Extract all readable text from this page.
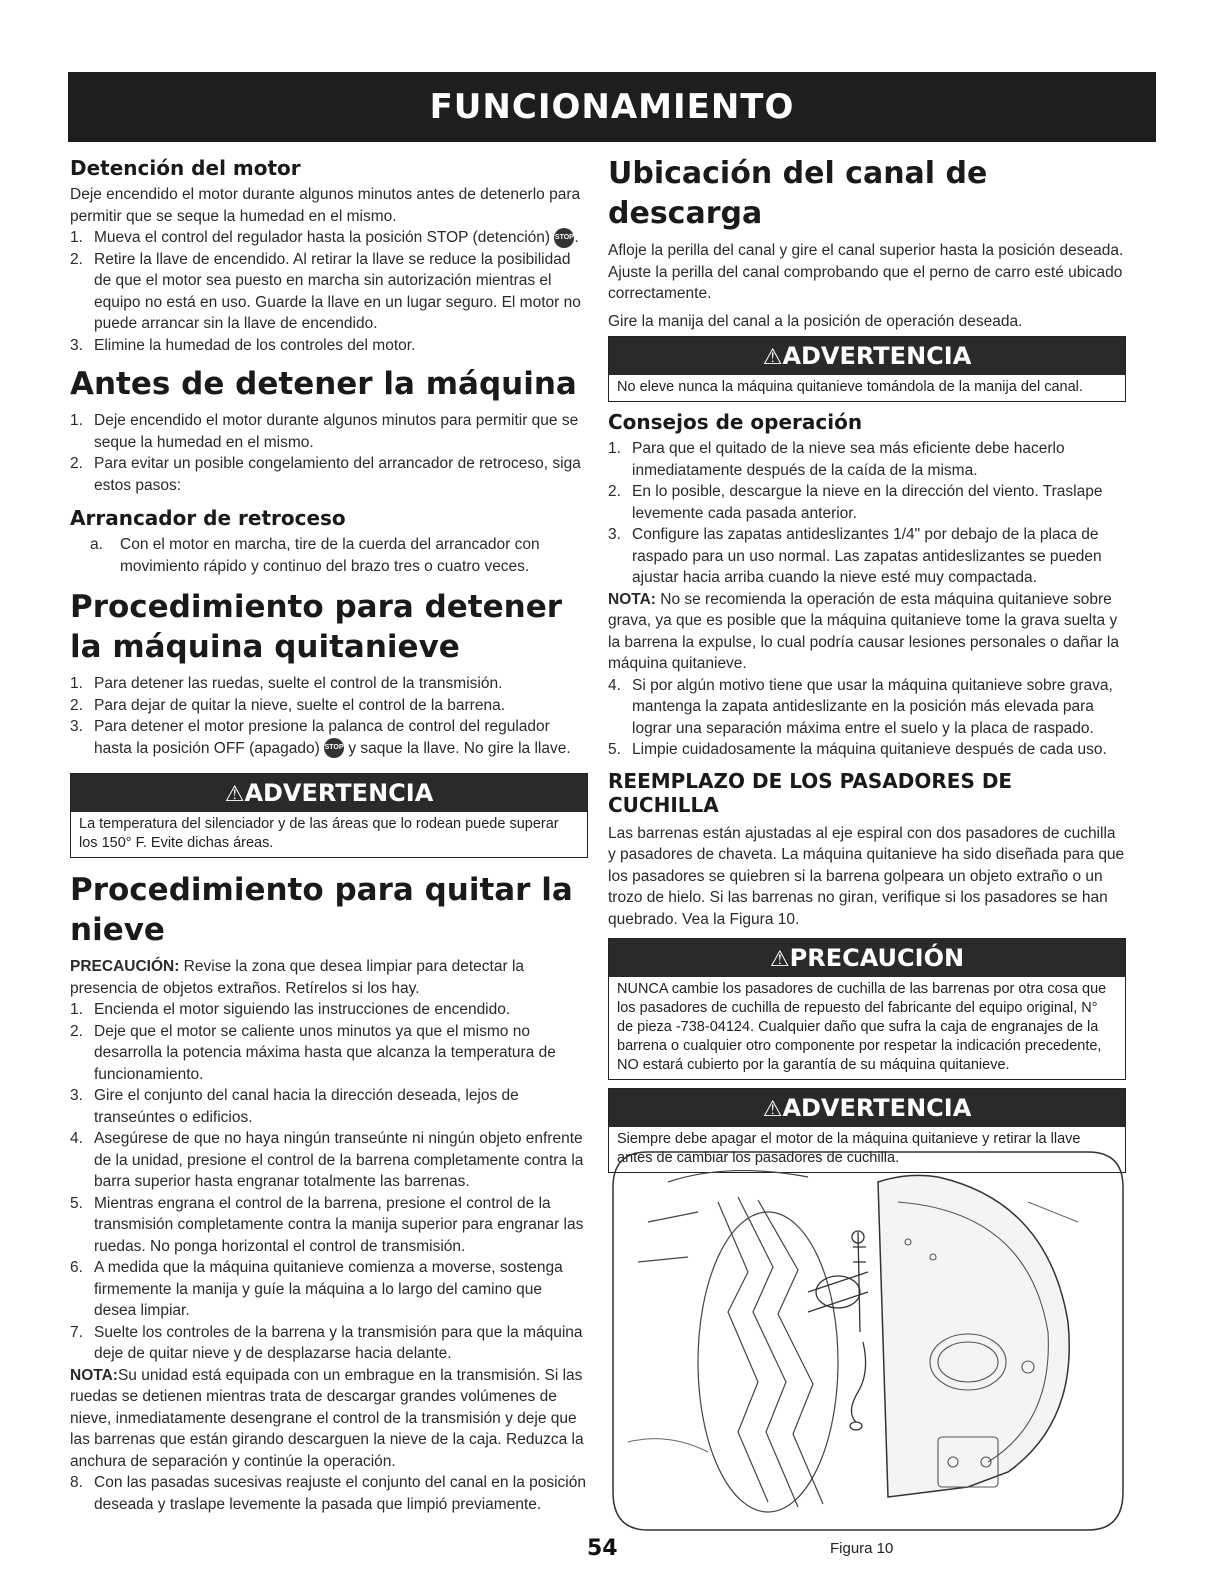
FUNCIONAMIENTO
Detención del motor

Deje encendido el motor durante algunos minutos antes de detenerlo para permitir que se seque la humedad en el mismo.

1. Mueva el control del regulador hasta la posición STOP (detención) STOP.
2. Retire la llave de encendido. Al retirar la llave se reduce la posibilidad de que el motor sea puesto en marcha sin autorización mientras el equipo no está en uso. Guarde la llave en un lugar seguro. El motor no puede arrancar sin la llave de encendido.
3. Elimine la humedad de los controles del motor.
Antes de detener la máquina
1. Deje encendido el motor durante algunos minutos para permitir que se seque la humedad en el mismo.
2. Para evitar un posible congelamiento del arrancador de retroceso, siga estos pasos:
Arrancador de retroceso
a.	Con el motor en marcha, tire de la cuerda del arrancador con movimiento rápido y continuo del brazo tres o cuatro veces.
Procedimiento para detener la máquina quitanieve
1. Para detener las ruedas, suelte el control de la transmisión.
2. Para dejar de quitar la nieve, suelte el control de la barrena.
3. Para detener el motor presione la palanca de control del regulador hasta la posición OFF (apagado) STOP y saque la llave. No gire la llave.
⚠ADVERTENCIA
La temperatura del silenciador y de las áreas que lo rodean puede superar los 150° F. Evite dichas áreas.
Procedimiento para quitar la nieve

PRECAUCIÓN: Revise la zona que desea limpiar para detectar la presencia de objetos extraños. Retírelos si los hay.

1. Encienda el motor siguiendo las instrucciones de encendido.
2. Deje que el motor se caliente unos minutos ya que el mismo no desarrolla la potencia máxima hasta que alcanza la temperatura de funcionamiento.
3. Gire el conjunto del canal hacia la dirección deseada, lejos de transeúntes o edificios.
4. Asegúrese de que no haya ningún transeúnte ni ningún objeto enfrente de la unidad, presione el control de la barrena completamente contra la barra superior hasta engranar totalmente las barrenas.
5. Mientras engrana el control de la barrena, presione el control de la transmisión completamente contra la manija superior para engranar las ruedas. No ponga horizontal el control de transmisión.
6. A medida que la máquina quitanieve comienza a moverse, sostenga firmemente la manija y guíe la máquina a lo largo del camino que desea limpiar.
7. Suelte los controles de la barrena y la transmisión para que la máquina deje de quitar nieve y de desplazarse hacia delante.

NOTA:Su unidad está equipada con un embrague en la transmisión. Si las ruedas se detienen mientras trata de descargar grandes volúmenes de nieve, inmediatamente desengrane el control de la transmisión y deje que las barrenas que están girando descarguen la nieve de la caja. Reduzca la anchura de separación y continúe la operación.

8. Con las pasadas sucesivas reajuste el conjunto del canal en la posición deseada y traslape levemente la pasada que limpió previamente.
Ubicación del canal de descarga

Afloje la perilla del canal y gire el canal superior hasta la posición deseada. Ajuste la perilla del canal comprobando que el perno de carro esté ubicado correctamente.

Gire la manija del canal a la posición de operación deseada.

⚠ADVERTENCIA
No eleve nunca la máquina quitanieve tomándola de la manija del canal.
Consejos de operación
1. Para que el quitado de la nieve sea más eficiente debe hacerlo inmediatamente después de la caída de la misma.
2. En lo posible, descargue la nieve en la dirección del viento. Traslape levemente cada pasada anterior.
3. Configure las zapatas antideslizantes 1/4" por debajo de la placa de raspado para un uso normal. Las zapatas antideslizantes se pueden ajustar hacia arriba cuando la nieve esté muy compactada.

NOTA: No se recomienda la operación de esta máquina quitanieve sobre grava, ya que es posible que la máquina quitanieve tome la grava suelta y la barrena la expulse, lo cual podría causar lesiones personales o dañar la máquina quitanieve.

4. Si por algún motivo tiene que usar la máquina quitanieve sobre grava, mantenga la zapata antideslizante en la posición más elevada para lograr una separación máxima entre el suelo y la placa de raspado.
5. Limpie cuidadosamente la máquina quitanieve después de cada uso.
REEMPLAZO DE LOS PASADORES DE CUCHILLA

Las barrenas están ajustadas al eje espiral con dos pasadores de cuchilla y pasadores de chaveta. La máquina quitanieve ha sido diseñada para que los pasadores se quiebren si la barrena golpeara un objeto extraño o un trozo de hielo. Si las barrenas no giran, verifique si los pasadores se han quebrado. Vea la Figura 10.

⚠PRECAUCIÓN
NUNCA cambie los pasadores de cuchilla de las barrenas por otra cosa que los pasadores de cuchilla de repuesto del fabricante del equipo original, N° de pieza -738-04124. Cualquier daño que sufra la caja de engranajes de la barrena o cualquier otro componente por respetar la indicación precedente, NO estará cubierto por la garantía de su máquina quitanieve.
⚠ADVERTENCIA
Siempre debe apagar el motor de la máquina quitanieve y retirar la llave antes de cambiar los pasadores de cuchilla.
54	Figura 10
